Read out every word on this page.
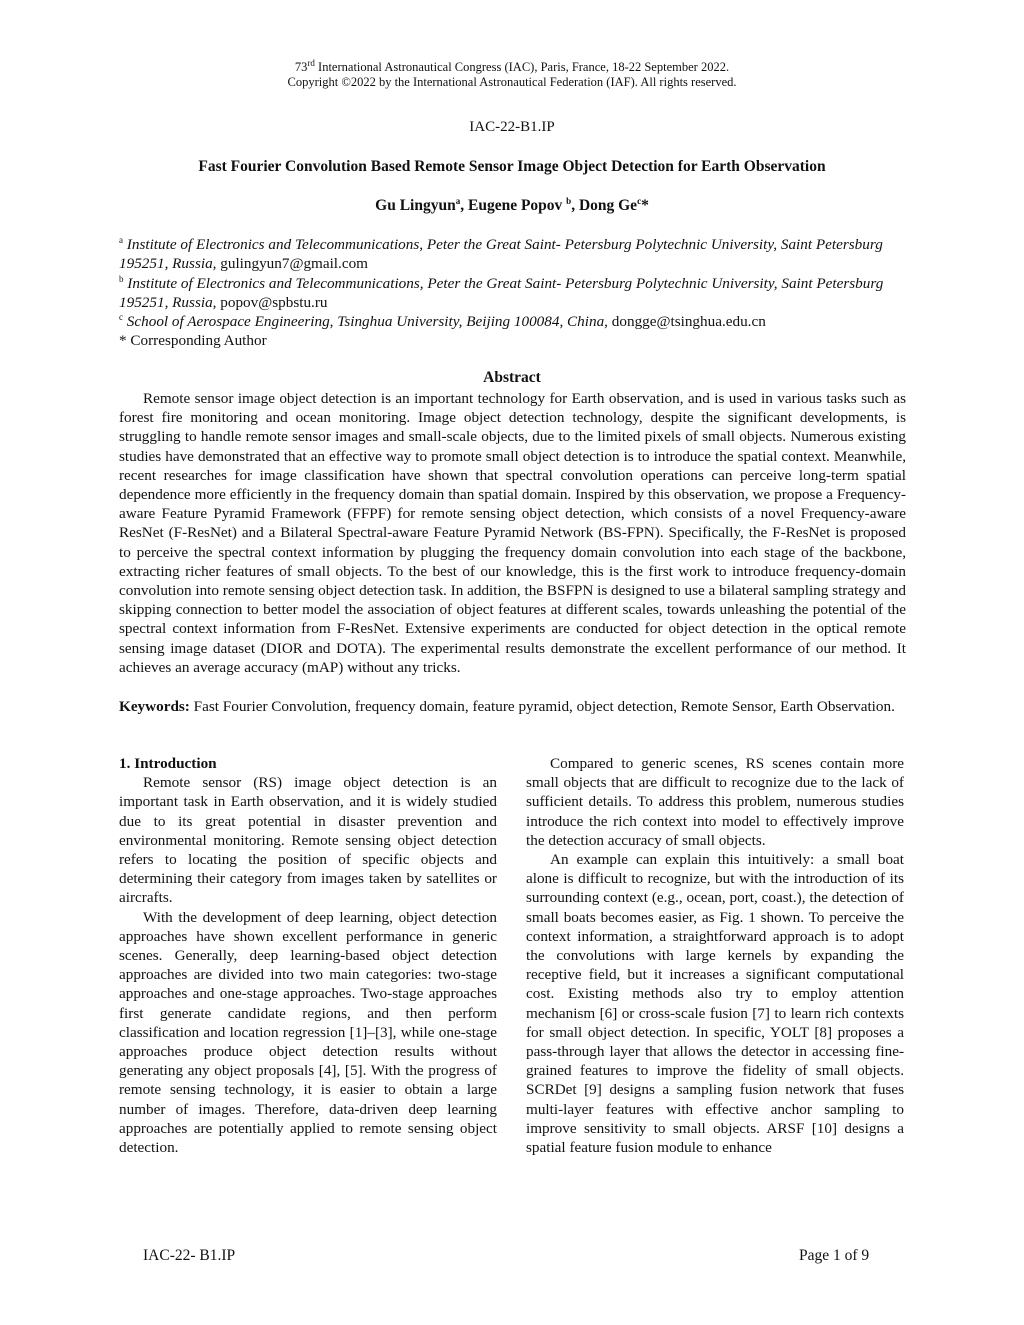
73rd International Astronautical Congress (IAC), Paris, France, 18-22 September 2022.
Copyright ©2022 by the International Astronautical Federation (IAF). All rights reserved.
IAC-22-B1.IP
Fast Fourier Convolution Based Remote Sensor Image Object Detection for Earth Observation
Gu Lingyun$^a$, Eugene Popov $^b$, Dong Ge$^c$*
$^a$ Institute of Electronics and Telecommunications, Peter the Great Saint- Petersburg Polytechnic University, Saint Petersburg 195251, Russia, gulingyun7@gmail.com
$^b$ Institute of Electronics and Telecommunications, Peter the Great Saint- Petersburg Polytechnic University, Saint Petersburg 195251, Russia, popov@spbstu.ru
$^c$ School of Aerospace Engineering, Tsinghua University, Beijing 100084, China, dongge@tsinghua.edu.cn
* Corresponding Author
Abstract
Remote sensor image object detection is an important technology for Earth observation, and is used in various tasks such as forest fire monitoring and ocean monitoring. Image object detection technology, despite the significant developments, is struggling to handle remote sensor images and small-scale objects, due to the limited pixels of small objects. Numerous existing studies have demonstrated that an effective way to promote small object detection is to introduce the spatial context. Meanwhile, recent researches for image classification have shown that spectral convolution operations can perceive long-term spatial dependence more efficiently in the frequency domain than spatial domain. Inspired by this observation, we propose a Frequency-aware Feature Pyramid Framework (FFPF) for remote sensing object detection, which consists of a novel Frequency-aware ResNet (F-ResNet) and a Bilateral Spectral-aware Feature Pyramid Network (BS-FPN). Specifically, the F-ResNet is proposed to perceive the spectral context information by plugging the frequency domain convolution into each stage of the backbone, extracting richer features of small objects. To the best of our knowledge, this is the first work to introduce frequency-domain convolution into remote sensing object detection task. In addition, the BSFPN is designed to use a bilateral sampling strategy and skipping connection to better model the association of object features at different scales, towards unleashing the potential of the spectral context information from F-ResNet. Extensive experiments are conducted for object detection in the optical remote sensing image dataset (DIOR and DOTA). The experimental results demonstrate the excellent performance of our method. It achieves an average accuracy (mAP) without any tricks.
Keywords: Fast Fourier Convolution, frequency domain, feature pyramid, object detection, Remote Sensor, Earth Observation.
1. Introduction

Remote sensor (RS) image object detection is an important task in Earth observation, and it is widely studied due to its great potential in disaster prevention and environmental monitoring. Remote sensing object detection refers to locating the position of specific objects and determining their category from images taken by satellites or aircrafts.

With the development of deep learning, object detection approaches have shown excellent performance in generic scenes. Generally, deep learning-based object detection approaches are divided into two main categories: two-stage approaches and one-stage approaches. Two-stage approaches first generate candidate regions, and then perform classification and location regression [1]–[3], while one-stage approaches produce object detection results without generating any object proposals [4], [5]. With the progress of remote sensing technology, it is easier to obtain a large number of images. Therefore, data-driven deep learning approaches are potentially applied to remote sensing object detection.

Compared to generic scenes, RS scenes contain more small objects that are difficult to recognize due to the lack of sufficient details. To address this problem, numerous studies introduce the rich context into model to effectively improve the detection accuracy of small objects.

An example can explain this intuitively: a small boat alone is difficult to recognize, but with the introduction of its surrounding context (e.g., ocean, port, coast.), the detection of small boats becomes easier, as Fig. 1 shown. To perceive the context information, a straightforward approach is to adopt the convolutions with large kernels by expanding the receptive field, but it increases a significant computational cost. Existing methods also try to employ attention mechanism [6] or cross-scale fusion [7] to learn rich contexts for small object detection. In specific, YOLT [8] proposes a pass-through layer that allows the detector in accessing fine-grained features to improve the fidelity of small objects. SCRDet [9] designs a sampling fusion network that fuses multi-layer features with effective anchor sampling to improve sensitivity to small objects. ARSF [10] designs a spatial feature fusion module to enhance

IAC-22- B1.IP	Page 1 of 9
